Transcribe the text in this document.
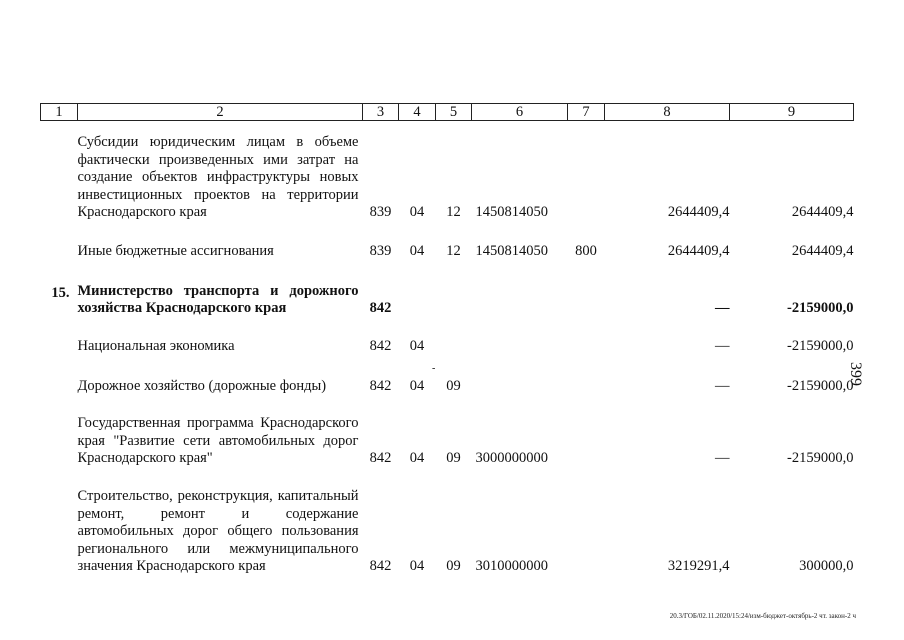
1	2	3	4	5	6	7	8	9
	Субсидии юридическим лицам в объеме фактически произведенных ими затрат на создание объектов инфраструктуры новых инвестиционных проектов на территории Краснодарского края	839	04	12	1450814050		2644409,4	2644409,4
	Иные бюджетные ассигнования	839	04	12	1450814050	800	2644409,4	2644409,4
15.	Министерство транспорта и дорожного хозяйства Краснодарского края	842					—	-2159000,0
	Национальная экономика	842	04				—	-2159000,0
	Дорожное хозяйство (дорожные фонды)	842	04	09			—	-2159000,0
	Государственная программа Краснодарского края "Развитие сети автомобильных дорог Краснодарского края"	842	04	09	3000000000		—	-2159000,0
	Строительство, реконструкция, капитальный ремонт, ремонт и содержание автомобильных дорог общего пользования регионального или межмуниципального значения Краснодарского края	842	04	09	3010000000		3219291,4	300000,0
-	399
20.3/ГОБ/02.11.2020/15:24/изм-бюджет-октябрь-2 чт. закон-2 ч
